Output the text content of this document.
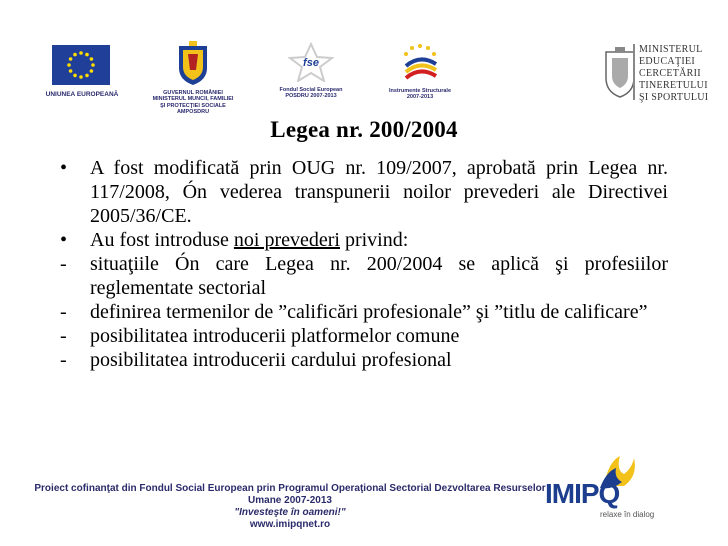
UNIUNEA EUROPEANĂ	GUVERNUL ROMÂNIEI
MINISTERUL MUNCII, FAMILIEI
ŞI PROTECŢIEI SOCIALE
AMPOSDRU
fse
Fondul Social European
POSDRU 2007-2013
Instrumente Structurale
2007-2013
MINISTERUL
EDUCAŢIEI
CERCETĂRII
TINERETULUI
ŞI SPORTULUI
Legea nr. 200/2004
•	A fost modificată prin OUG nr. 109/2007, aprobată prin Legea nr. 117/2008, Ón vederea transpunerii noilor prevederi ale Directivei 2005/36/CE.
•	Au fost introduse noi prevederi privind:
-	situaţiile Ón care Legea nr. 200/2004 se aplică şi profesiilor reglementate sectorial
-	definirea termenilor de ”calificări profesionale” şi ”titlu de calificare”
-	posibilitatea introducerii platformelor comune
-	posibilitatea introducerii cardului profesional
Proiect cofinanţat din Fondul Social European prin Programul Operaţional Sectorial Dezvoltarea Resurselor Umane 2007-2013
"Investeşte în oameni!"
www.imipqnet.ro
IMIPQ
relaxe în dialog
